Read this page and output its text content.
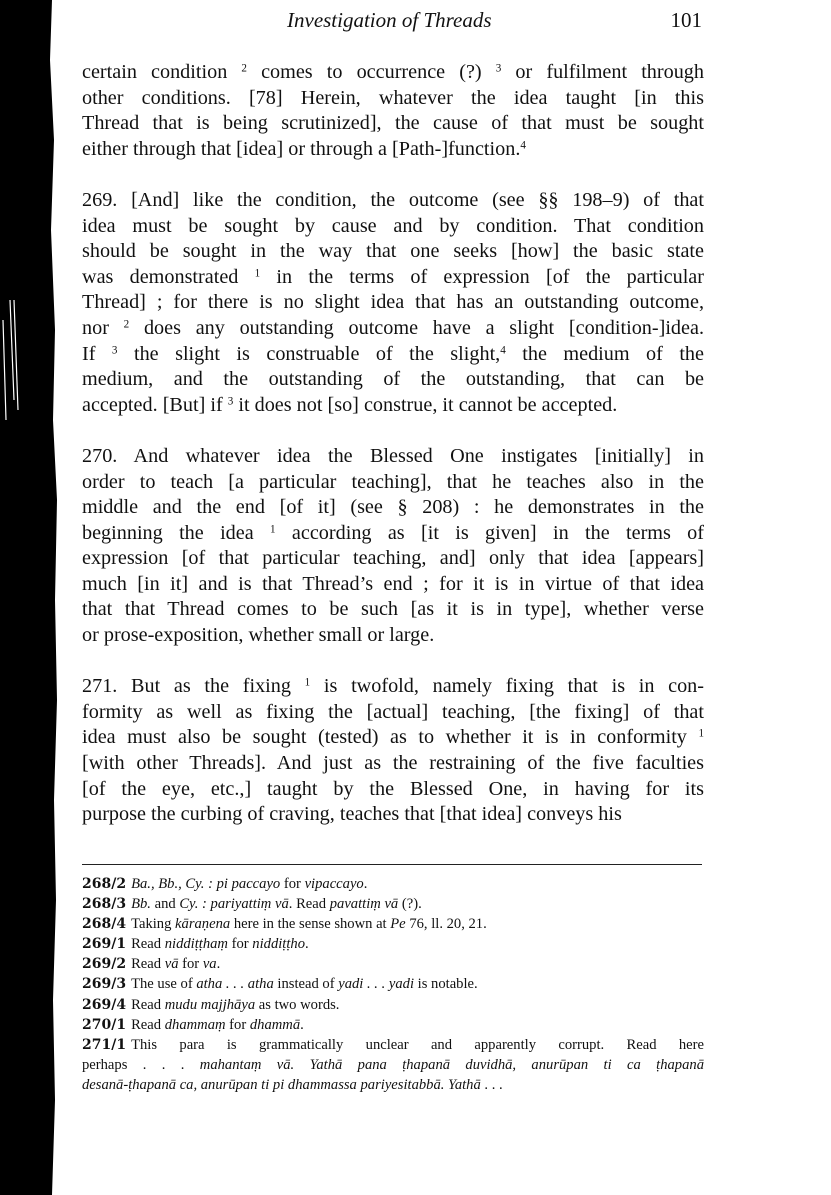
Investigation of Threads	101
certain condition $^2$ comes to occurrence (?) $^3$ or fulfilment through
other conditions. [78] Herein, whatever the idea taught [in this
Thread that is being scrutinized], the cause of that must be sought
either through that [idea] or through a [Path-]function.$^4$
269. [And] like the condition, the outcome (see §§ 198–9) of that
idea must be sought by cause and by condition. That condition
should be sought in the way that one seeks [how] the basic state
was demonstrated $^1$ in the terms of expression [of the particular
Thread] ; for there is no slight idea that has an outstanding outcome,
nor $^2$ does any outstanding outcome have a slight [condition-]idea.
If $^3$ the slight is construable of the slight,$^4$ the medium of the
medium, and the outstanding of the outstanding, that can be
accepted. [But] if $^3$ it does not [so] construe, it cannot be accepted.
270. And whatever idea the Blessed One instigates [initially] in
order to teach [a particular teaching], that he teaches also in the
middle and the end [of it] (see § 208) : he demonstrates in the
beginning the idea $^1$ according as [it is given] in the terms of
expression [of that particular teaching, and] only that idea [appears]
much [in it] and is that Thread’s end ; for it is in virtue of that idea
that that Thread comes to be such [as it is in type], whether verse
or prose-exposition, whether small or large.
271. But as the fixing $^1$ is twofold, namely fixing that is in con-
formity as well as fixing the [actual] teaching, [the fixing] of that
idea must also be sought (tested) as to whether it is in conformity $^1$
[with other Threads]. And just as the restraining of the five faculties
[of the eye, etc.,] taught by the Blessed One, in having for its
purpose the curbing of craving, teaches that [that idea] conveys his
268/2 Ba., Bb., Cy. : pi paccayo for vipaccayo.
268/3 Bb. and Cy. : pariyattiṃ vā. Read pavattiṃ vā (?).
268/4 Taking kāraṇena here in the sense shown at Pe 76, ll. 20, 21.
269/1 Read niddiṭṭhaṃ for niddiṭṭho.
269/2 Read vā for va.
269/3 The use of atha . . . atha instead of yadi . . . yadi is notable.
269/4 Read mudu majjhāya as two words.
270/1 Read dhammaṃ for dhammā.
271/1 This para is grammatically unclear and apparently corrupt. Read here
perhaps . . . mahantaṃ vā. Yathā pana ṭhapanā duvidhā, anurūpan ti ca ṭhapanā
desanā-ṭhapanā ca, anurūpan ti pi dhammassa pariyesitabbā. Yathā . . .
